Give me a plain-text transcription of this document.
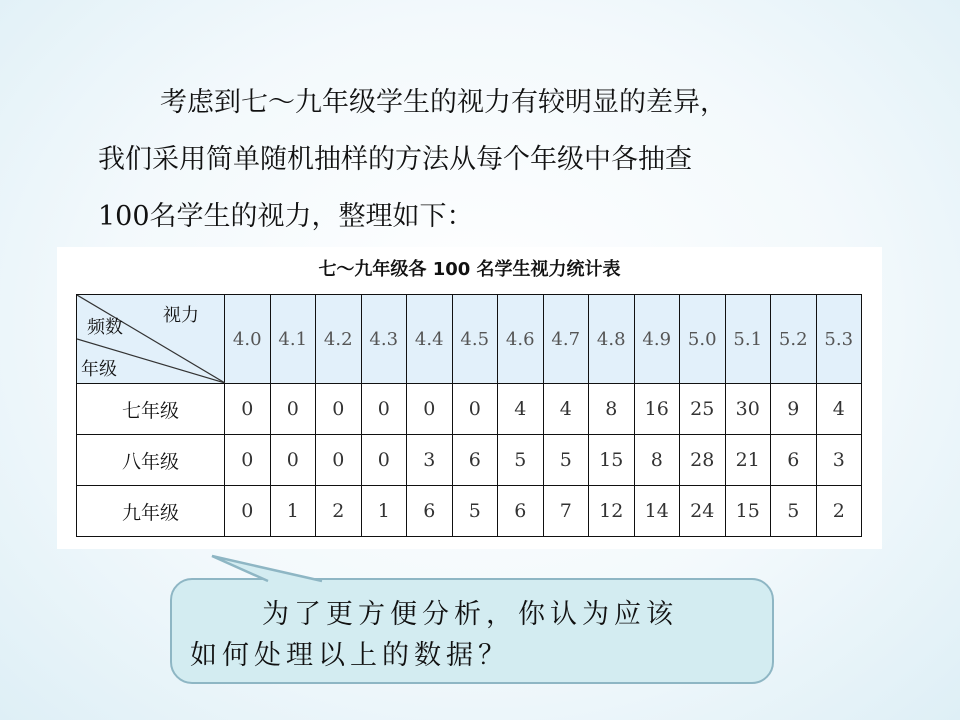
考虑到七～九年级学生的视力有较明显的差异，
我们采用简单随机抽样的方法从每个年级中各抽查
100名学生的视力，整理如下：
七～九年级各 100 名学生视力统计表
视力
频数
年级	4.0	4.1	4.2	4.3	4.4	4.5	4.6	4.7	4.8	4.9	5.0	5.1	5.2	5.3
七年级	0	0	0	0	0	0	4	4	8	16	25	30	9	4
八年级	0	0	0	0	3	6	5	5	15	8	28	21	6	3
九年级	0	1	2	1	6	5	6	7	12	14	24	15	5	2
为了更方便分析，你认为应该
如何处理以上的数据？
